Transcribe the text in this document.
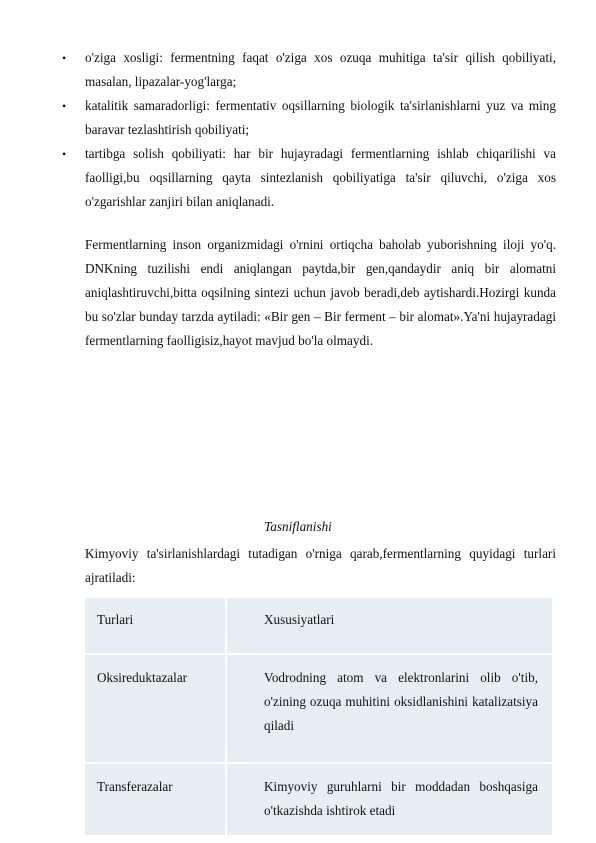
• o'ziga xosligi: fermentning faqat o'ziga xos ozuqa muhitiga ta'sir qilish qobiliyati, masalan, lipazalar-yog'larga;
• katalitik samaradorligi: fermentativ oqsillarning biologik ta'sirlanishlarni yuz va ming baravar tezlashtirish qobiliyati;
• tartibga solish qobiliyati: har bir hujayradagi fermentlarning ishlab chiqarilishi va faolligi,bu oqsillarning qayta sintezlanish qobiliyatiga ta'sir qiluvchi, o'ziga xos o'zgarishlar zanjiri bilan aniqlanadi.

Fermentlarning inson organizmidagi o'rnini ortiqcha baholab yuborishning iloji yo'q. DNKning tuzilishi endi aniqlangan paytda,bir gen,qandaydir aniq bir alomatni aniqlashtiruvchi,bitta oqsilning sintezi uchun javob beradi,deb aytishardi.Hozirgi kunda bu so'zlar bunday tarzda aytiladi: «Bir gen – Bir ferment – bir alomat».Ya'ni hujayradagi fermentlarning faolligisiz,hayot mavjud bo'la olmaydi.

Tasniflanishi

Kimyoviy ta'sirlanishlardagi tutadigan o'rniga qarab,fermentlarning quyidagi turlari ajratiladi:

Turlari	Xususiyatlari
Oksireduktazalar	Vodrodning atom va elektronlarini olib o'tib, o'zining ozuqa muhitini oksidlanishini katalizatsiya qiladi
Transferazalar	Kimyoviy guruhlarni bir moddadan boshqasiga o'tkazishda ishtirok etadi
